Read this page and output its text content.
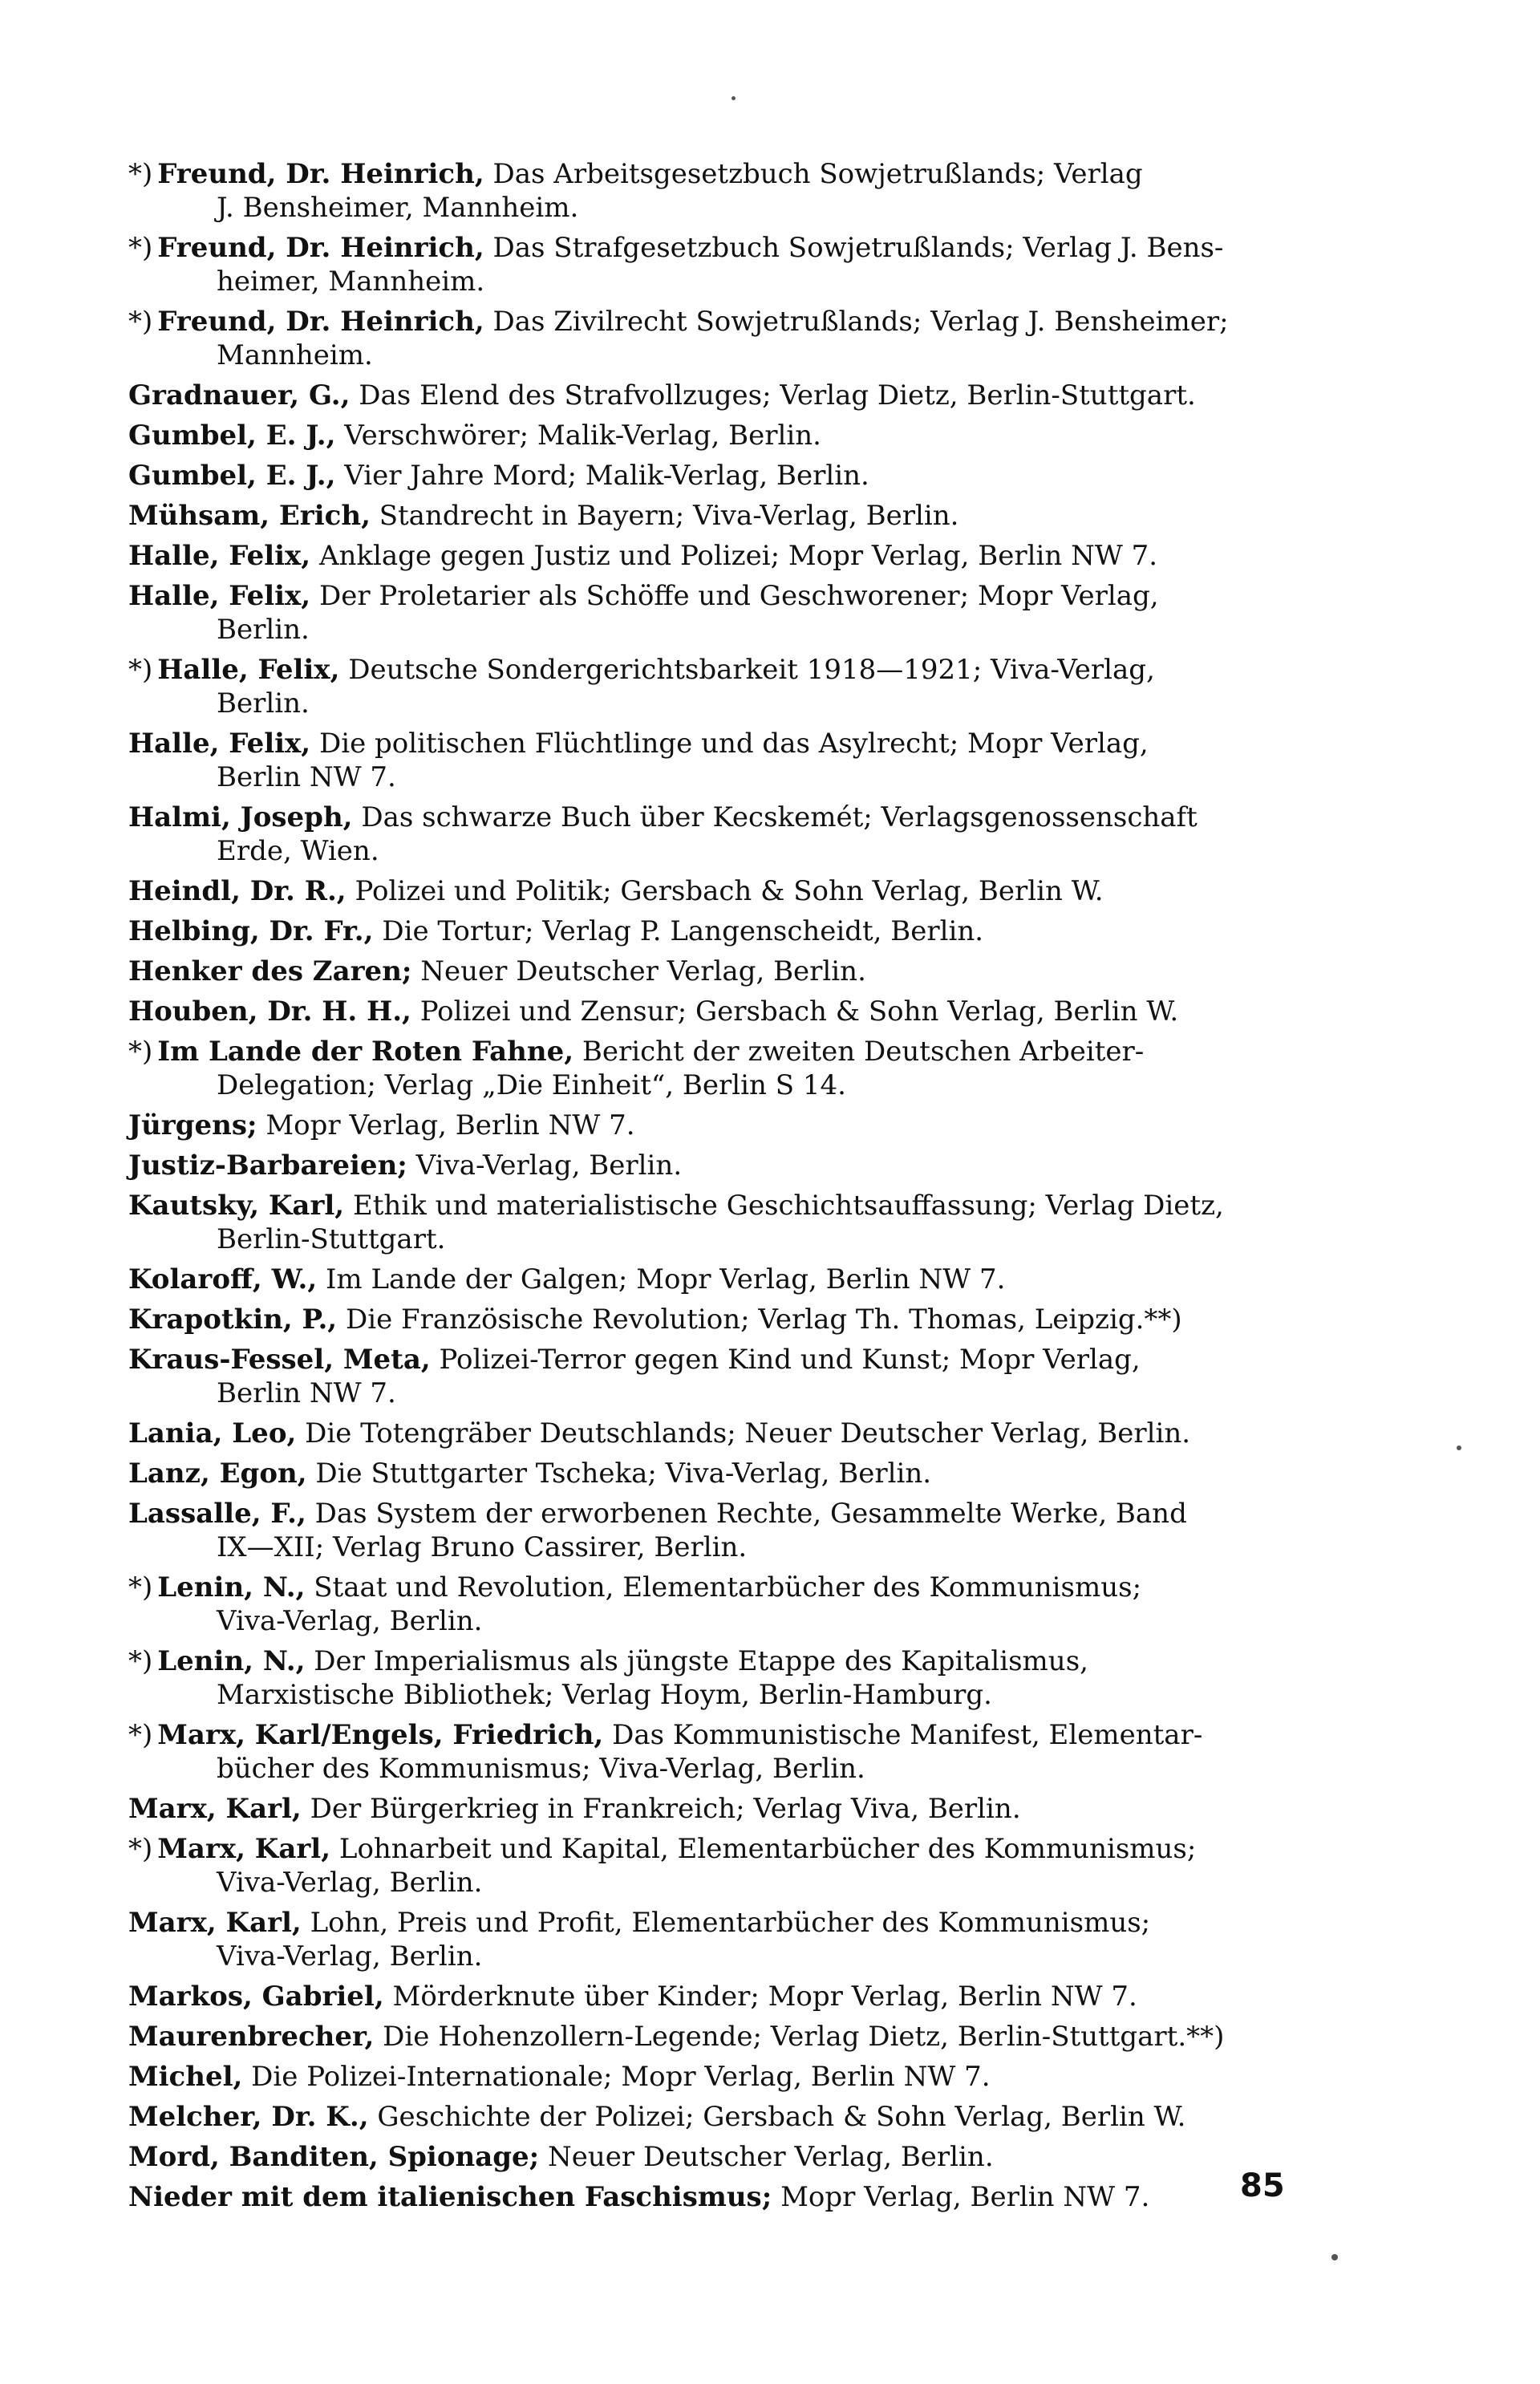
*) Freund, Dr. Heinrich, Das Arbeitsgesetzbuch Sowjetrußlands; Verlag
J. Bensheimer, Mannheim.
*) Freund, Dr. Heinrich, Das Strafgesetzbuch Sowjetrußlands; Verlag J. Bens-
heimer, Mannheim.
*) Freund, Dr. Heinrich, Das Zivilrecht Sowjetrußlands; Verlag J. Bensheimer;
Mannheim.
Gradnauer, G., Das Elend des Strafvollzuges; Verlag Dietz, Berlin-Stuttgart.
Gumbel, E. J., Verschwörer; Malik-Verlag, Berlin.
Gumbel, E. J., Vier Jahre Mord; Malik-Verlag, Berlin.
Mühsam, Erich, Standrecht in Bayern; Viva-Verlag, Berlin.
Halle, Felix, Anklage gegen Justiz und Polizei; Mopr Verlag, Berlin NW 7.
Halle, Felix, Der Proletarier als Schöffe und Geschworener; Mopr Verlag,
Berlin.
*) Halle, Felix, Deutsche Sondergerichtsbarkeit 1918—1921; Viva-Verlag,
Berlin.
Halle, Felix, Die politischen Flüchtlinge und das Asylrecht; Mopr Verlag,
Berlin NW 7.
Halmi, Joseph, Das schwarze Buch über Kecskemét; Verlagsgenossenschaft
Erde, Wien.
Heindl, Dr. R., Polizei und Politik; Gersbach & Sohn Verlag, Berlin W.
Helbing, Dr. Fr., Die Tortur; Verlag P. Langenscheidt, Berlin.
Henker des Zaren; Neuer Deutscher Verlag, Berlin.
Houben, Dr. H. H., Polizei und Zensur; Gersbach & Sohn Verlag, Berlin W.
*) Im Lande der Roten Fahne, Bericht der zweiten Deutschen Arbeiter-
Delegation; Verlag „Die Einheit“, Berlin S 14.
Jürgens; Mopr Verlag, Berlin NW 7.
Justiz-Barbareien; Viva-Verlag, Berlin.
Kautsky, Karl, Ethik und materialistische Geschichtsauffassung; Verlag Dietz,
Berlin-Stuttgart.
Kolaroff, W., Im Lande der Galgen; Mopr Verlag, Berlin NW 7.
Krapotkin, P., Die Französische Revolution; Verlag Th. Thomas, Leipzig.**)
Kraus-Fessel, Meta, Polizei-Terror gegen Kind und Kunst; Mopr Verlag,
Berlin NW 7.
Lania, Leo, Die Totengräber Deutschlands; Neuer Deutscher Verlag, Berlin.
Lanz, Egon, Die Stuttgarter Tscheka; Viva-Verlag, Berlin.
Lassalle, F., Das System der erworbenen Rechte, Gesammelte Werke, Band
IX—XII; Verlag Bruno Cassirer, Berlin.
*) Lenin, N., Staat und Revolution, Elementarbücher des Kommunismus;
Viva-Verlag, Berlin.
*) Lenin, N., Der Imperialismus als jüngste Etappe des Kapitalismus,
Marxistische Bibliothek; Verlag Hoym, Berlin-Hamburg.
*) Marx, Karl/Engels, Friedrich, Das Kommunistische Manifest, Elementar-
bücher des Kommunismus; Viva-Verlag, Berlin.
Marx, Karl, Der Bürgerkrieg in Frankreich; Verlag Viva, Berlin.
*) Marx, Karl, Lohnarbeit und Kapital, Elementarbücher des Kommunismus;
Viva-Verlag, Berlin.
Marx, Karl, Lohn, Preis und Profit, Elementarbücher des Kommunismus;
Viva-Verlag, Berlin.
Markos, Gabriel, Mörderknute über Kinder; Mopr Verlag, Berlin NW 7.
Maurenbrecher, Die Hohenzollern-Legende; Verlag Dietz, Berlin-Stuttgart.**)
Michel, Die Polizei-Internationale; Mopr Verlag, Berlin NW 7.
Melcher, Dr. K., Geschichte der Polizei; Gersbach & Sohn Verlag, Berlin W.
Mord, Banditen, Spionage; Neuer Deutscher Verlag, Berlin.
Nieder mit dem italienischen Faschismus; Mopr Verlag, Berlin NW 7.	85
